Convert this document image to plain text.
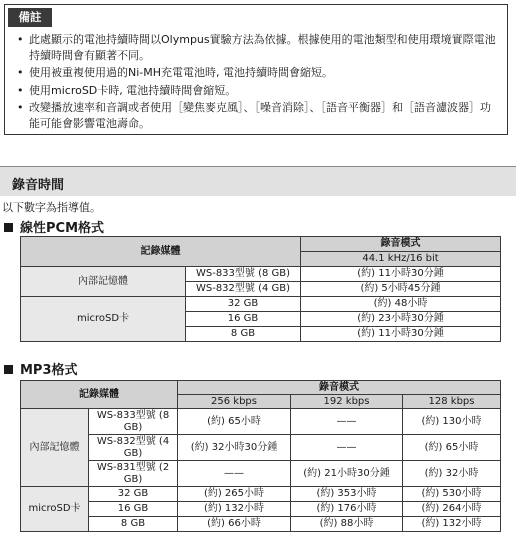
備註
• 此處顯示的電池持續時間以Olympus實驗方法為依據。根據使用的電池類型和使用環境實際電池持續時間會有顯著不同。
• 使用被重複使用過的Ni-MH充電電池時, 電池持續時間會縮短。
• 使用microSD卡時, 電池持續時間會縮短。
• 改變播放速率和音調或者使用［變焦麥克風］、［噪音消除］、［語音平衡器］和［語音濾波器］功能可能會影響電池壽命。
錄音時間
以下數字為指導值。
線性PCM格式
記錄媒體		錄音模式
		44.1 kHz/16 bit
內部記憶體	WS-833型號 (8 GB)	(約) 11小時30分鍾
	WS-832型號 (4 GB)	(約) 5小時45分鍾
microSD卡	32 GB	(約) 48小時
	16 GB	(約) 23小時30分鍾
	8 GB	(約) 11小時30分鍾
MP3格式
記錄媒體		錄音模式		
		256 kbps	192 kbps	128 kbps
內部記憶體	WS-833型號 (8 GB)	(約) 65小時	——	(約) 130小時
	WS-832型號 (4 GB)	(約) 32小時30分鍾	——	(約) 65小時
	WS-831型號 (2 GB)	——	(約) 21小時30分鍾	(約) 32小時
microSD卡	32 GB	(約) 265小時	(約) 353小時	(約) 530小時
	16 GB	(約) 132小時	(約) 176小時	(約) 264小時
	8 GB	(約) 66小時	(約) 88小時	(約) 132小時
